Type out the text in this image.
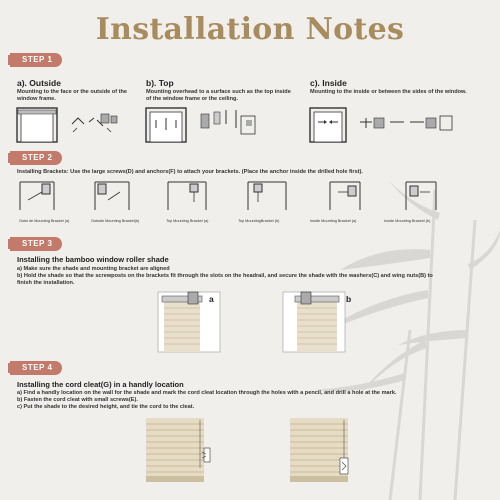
Installation Notes
STEP 1
a). Outside
Mounting to the face or the outside of the window frame.
b). Top
Mounting overhead to a surface such as the top inside of the window frame or the ceiling.
c). Inside
Mounting to the inside or between the sides of the window.
STEP 2
Installing Brackets: Use the large screws(D) and anchors(F) to attach your brackets. (Place the anchor inside the drilled hole first).
Outsi de Mounting Bracket (a)	Outside Mounting Bracket(b)	Top Mounting Bracket (a)	Top MountingBracket (b)	Inside Mounting Bracket (a)	Inside Mounting Bracket (b)
STEP 3
Installing the bamboo window roller shade
a) Make sure the shade and mounting bracket are aligned
b) Hold the shade so that the screwposts on the brackets fit through the slots on the headrail, and secure the shade with the washers(C) and wing nuts(B) to finish the installation.
a	b
STEP 4
Installing the cord cleat(G) in a handly location
a) Find a handly location on the wall for the shade and mark the cord cleat location through the holes with a pencil, and drill a hole at the mark.
b) Fasten the cord cleat with small screws(E).
c) Put the shade to the desired height, and tie the cord to the cleat.
